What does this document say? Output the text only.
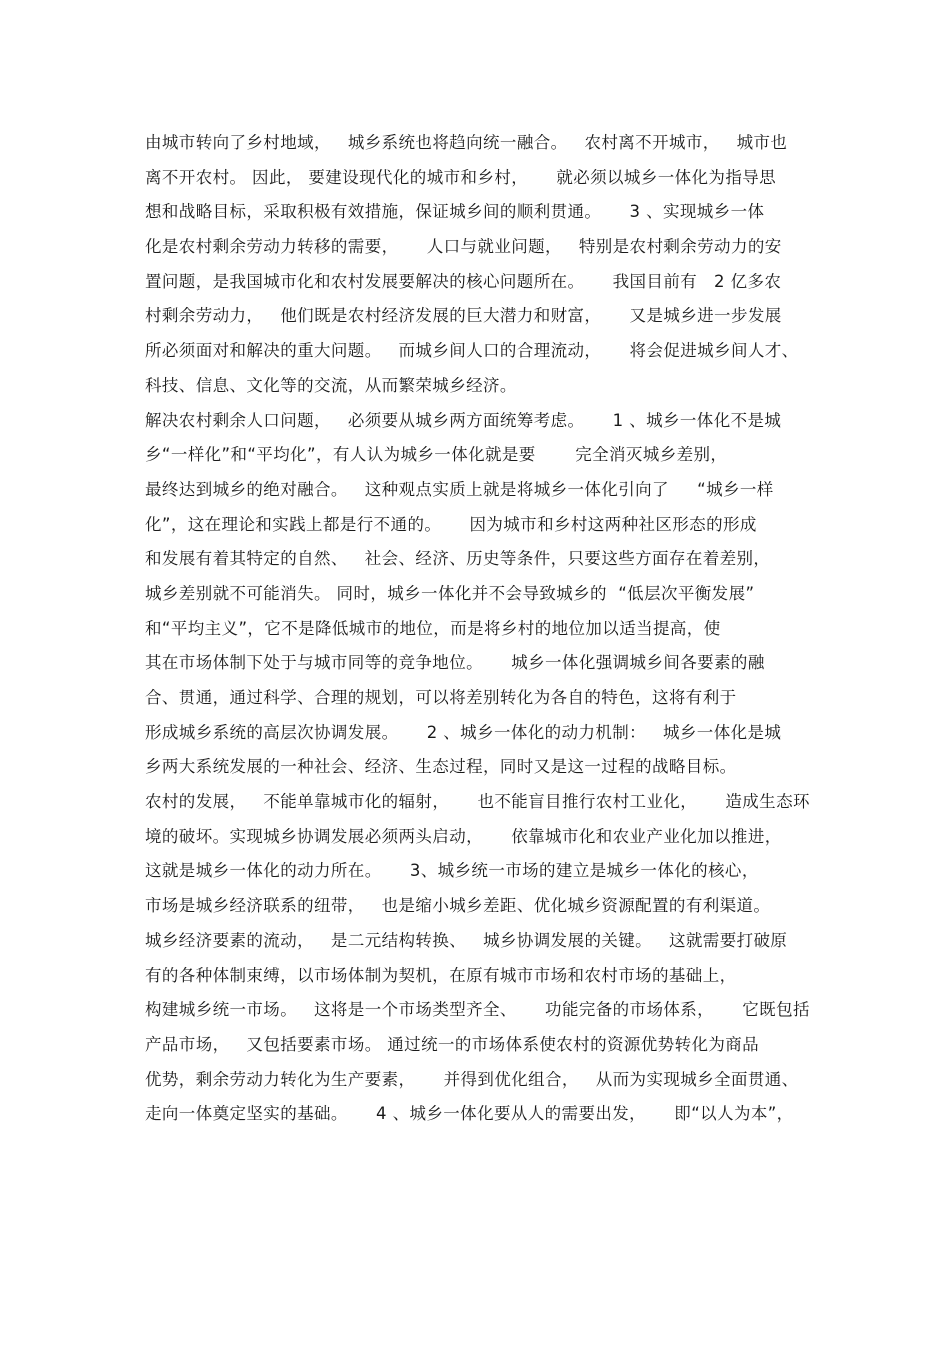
由城市转向了乡村地域，   城乡系统也将趋向统一融合。   农村离不开城市，   城市也
离不开农村。 因此， 要建设现代化的城市和乡村，     就必须以城乡一体化为指导思
想和战略目标，采取积极有效措施，保证城乡间的顺利贯通。     3 、实现城乡一体
化是农村剩余劳动力转移的需要，     人口与就业问题，   特别是农村剩余劳动力的安
置问题，是我国城市化和农村发展要解决的核心问题所在。     我国目前有   2 亿多农
村剩余劳动力，   他们既是农村经济发展的巨大潜力和财富，     又是城乡进一步发展
所必须面对和解决的重大问题。   而城乡间人口的合理流动，     将会促进城乡间人才、
科技、信息、文化等的交流，从而繁荣城乡经济。
解决农村剩余人口问题，   必须要从城乡两方面统筹考虑。     1 、城乡一体化不是城
乡“一样化”和“平均化”，有人认为城乡一体化就是要       完全消灭城乡差别，
最终达到城乡的绝对融合。   这种观点实质上就是将城乡一体化引向了     “城乡一样
化”，这在理论和实践上都是行不通的。     因为城市和乡村这两种社区形态的形成
和发展有着其特定的自然、   社会、经济、历史等条件，只要这些方面存在着差别，
城乡差别就不可能消失。 同时，城乡一体化并不会导致城乡的  “低层次平衡发展”
和“平均主义”，它不是降低城市的地位，而是将乡村的地位加以适当提高，使
其在市场体制下处于与城市同等的竞争地位。     城乡一体化强调城乡间各要素的融
合、贯通，通过科学、合理的规划，可以将差别转化为各自的特色，这将有利于
形成城乡系统的高层次协调发展。     2 、城乡一体化的动力机制：   城乡一体化是城
乡两大系统发展的一种社会、经济、生态过程，同时又是这一过程的战略目标。
农村的发展，   不能单靠城市化的辐射，     也不能盲目推行农村工业化，     造成生态环
境的破坏。实现城乡协调发展必须两头启动，     依靠城市化和农业产业化加以推进，
这就是城乡一体化的动力所在。     3、城乡统一市场的建立是城乡一体化的核心，
市场是城乡经济联系的纽带，   也是缩小城乡差距、优化城乡资源配置的有利渠道。
城乡经济要素的流动，   是二元结构转换、   城乡协调发展的关键。   这就需要打破原
有的各种体制束缚，以市场体制为契机，在原有城市市场和农村市场的基础上，
构建城乡统一市场。   这将是一个市场类型齐全、     功能完备的市场体系，     它既包括
产品市场，   又包括要素市场。 通过统一的市场体系使农村的资源优势转化为商品
优势，剩余劳动力转化为生产要素，     并得到优化组合，   从而为实现城乡全面贯通、
走向一体奠定坚实的基础。     4 、城乡一体化要从人的需要出发，     即“以人为本”，
